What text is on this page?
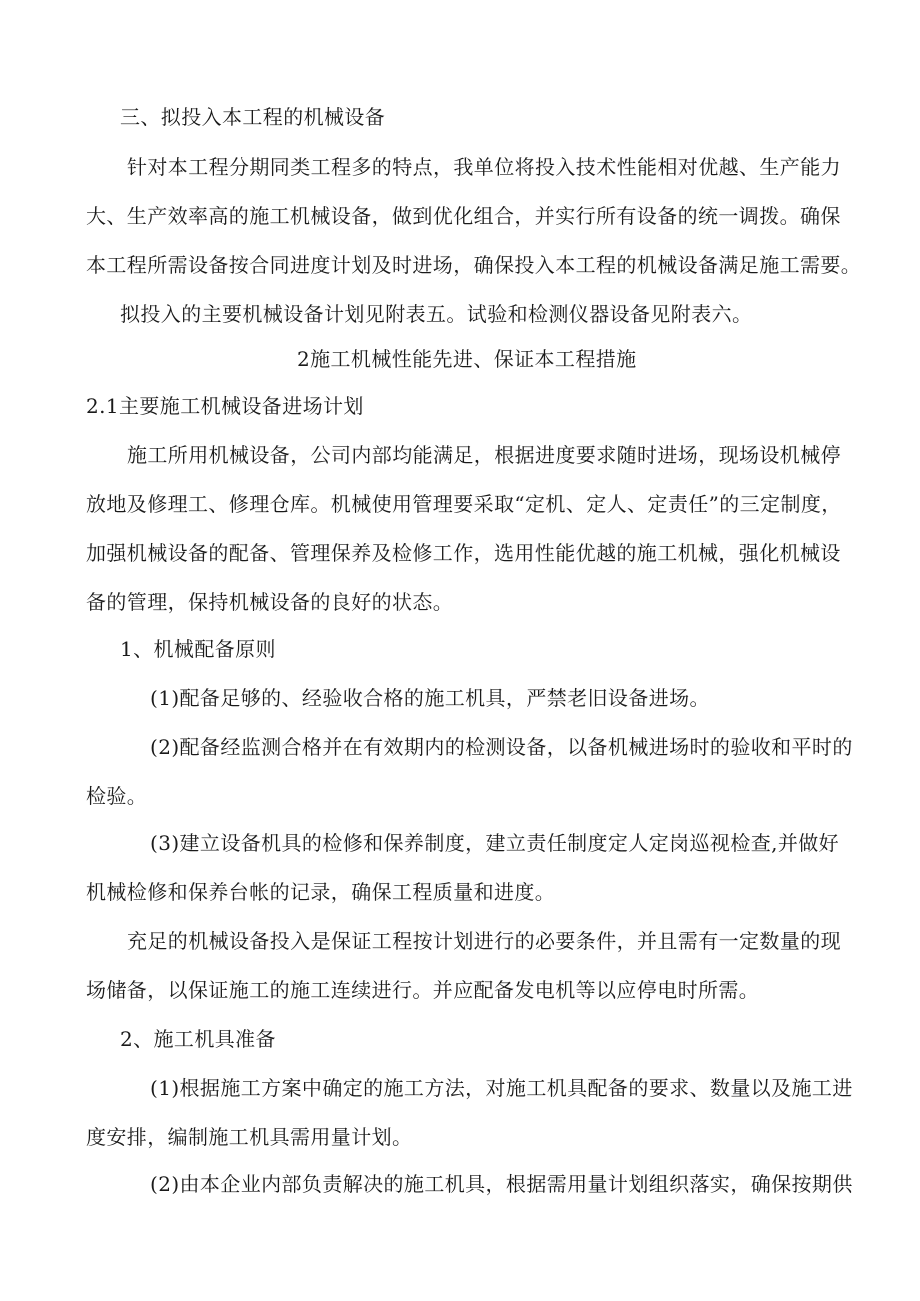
三、拟投入本工程的机械设备
针对本工程分期同类工程多的特点，我单位将投入技术性能相对优越、生产能力
大、生产效率高的施工机械设备，做到优化组合，并实行所有设备的统一调拨。确保
本工程所需设备按合同进度计划及时进场，确保投入本工程的机械设备满足施工需要。
拟投入的主要机械设备计划见附表五。试验和检测仪器设备见附表六。
2施工机械性能先进、保证本工程措施
2.1主要施工机械设备进场计划
施工所用机械设备，公司内部均能满足，根据进度要求随时进场，现场设机械停
放地及修理工、修理仓库。机械使用管理要采取“定机、定人、定责任”的三定制度，
加强机械设备的配备、管理保养及检修工作，选用性能优越的施工机械，强化机械设
备的管理，保持机械设备的良好的状态。
1、机械配备原则
(1)配备足够的、经验收合格的施工机具，严禁老旧设备进场。
(2)配备经监测合格并在有效期内的检测设备，以备机械进场时的验收和平时的
检验。
(3)建立设备机具的检修和保养制度，建立责任制度定人定岗巡视检查,并做好
机械检修和保养台帐的记录，确保工程质量和进度。
充足的机械设备投入是保证工程按计划进行的必要条件，并且需有一定数量的现
场储备，以保证施工的施工连续进行。并应配备发电机等以应停电时所需。
2、施工机具准备
(1)根据施工方案中确定的施工方法，对施工机具配备的要求、数量以及施工进
度安排，编制施工机具需用量计划。
(2)由本企业内部负责解决的施工机具，根据需用量计划组织落实，确保按期供
